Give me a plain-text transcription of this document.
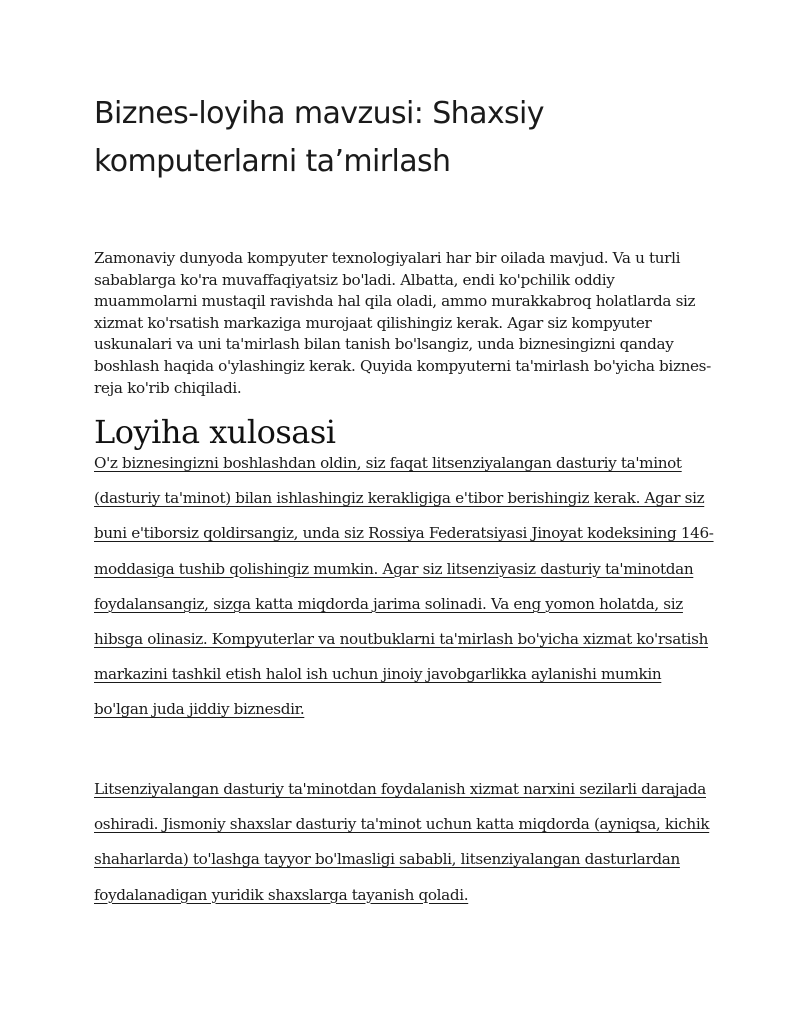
Biznes-loyiha mavzusi: Shaxsiy komputerlarni ta’mirlash

Zamonaviy dunyoda kompyuter texnologiyalari har bir oilada mavjud. Va u turli sabablarga ko'ra muvaffaqiyatsiz bo'ladi. Albatta, endi ko'pchilik oddiy muammolarni mustaqil ravishda hal qila oladi, ammo murakkabroq holatlarda siz xizmat ko'rsatish markaziga murojaat qilishingiz kerak. Agar siz kompyuter uskunalari va uni ta'mirlash bilan tanish bo'lsangiz, unda biznesingizni qanday boshlash haqida o'ylashingiz kerak. Quyida kompyuterni ta'mirlash bo'yicha biznes-reja ko'rib chiqiladi.

Loyiha xulosasi
O'z biznesingizni boshlashdan oldin, siz faqat litsenziyalangan dasturiy ta'minot (dasturiy ta'minot) bilan ishlashingiz kerakligiga e'tibor berishingiz kerak. Agar siz buni e'tiborsiz qoldirsangiz, unda siz Rossiya Federatsiyasi Jinoyat kodeksining 146-moddasiga tushib qolishingiz mumkin. Agar siz litsenziyasiz dasturiy ta'minotdan foydalansangiz, sizga katta miqdorda jarima solinadi. Va eng yomon holatda, siz hibsga olinasiz. Kompyuterlar va noutbuklarni ta'mirlash bo'yicha xizmat ko'rsatish markazini tashkil etish halol ish uchun jinoiy javobgarlikka aylanishi mumkin bo'lgan juda jiddiy biznesdir.
Litsenziyalangan dasturiy ta'minotdan foydalanish xizmat narxini sezilarli darajada oshiradi. Jismoniy shaxslar dasturiy ta'minot uchun katta miqdorda (ayniqsa, kichik shaharlarda) to'lashga tayyor bo'lmasligi sababli, litsenziyalangan dasturlardan foydalanadigan yuridik shaxslarga tayanish qoladi.
